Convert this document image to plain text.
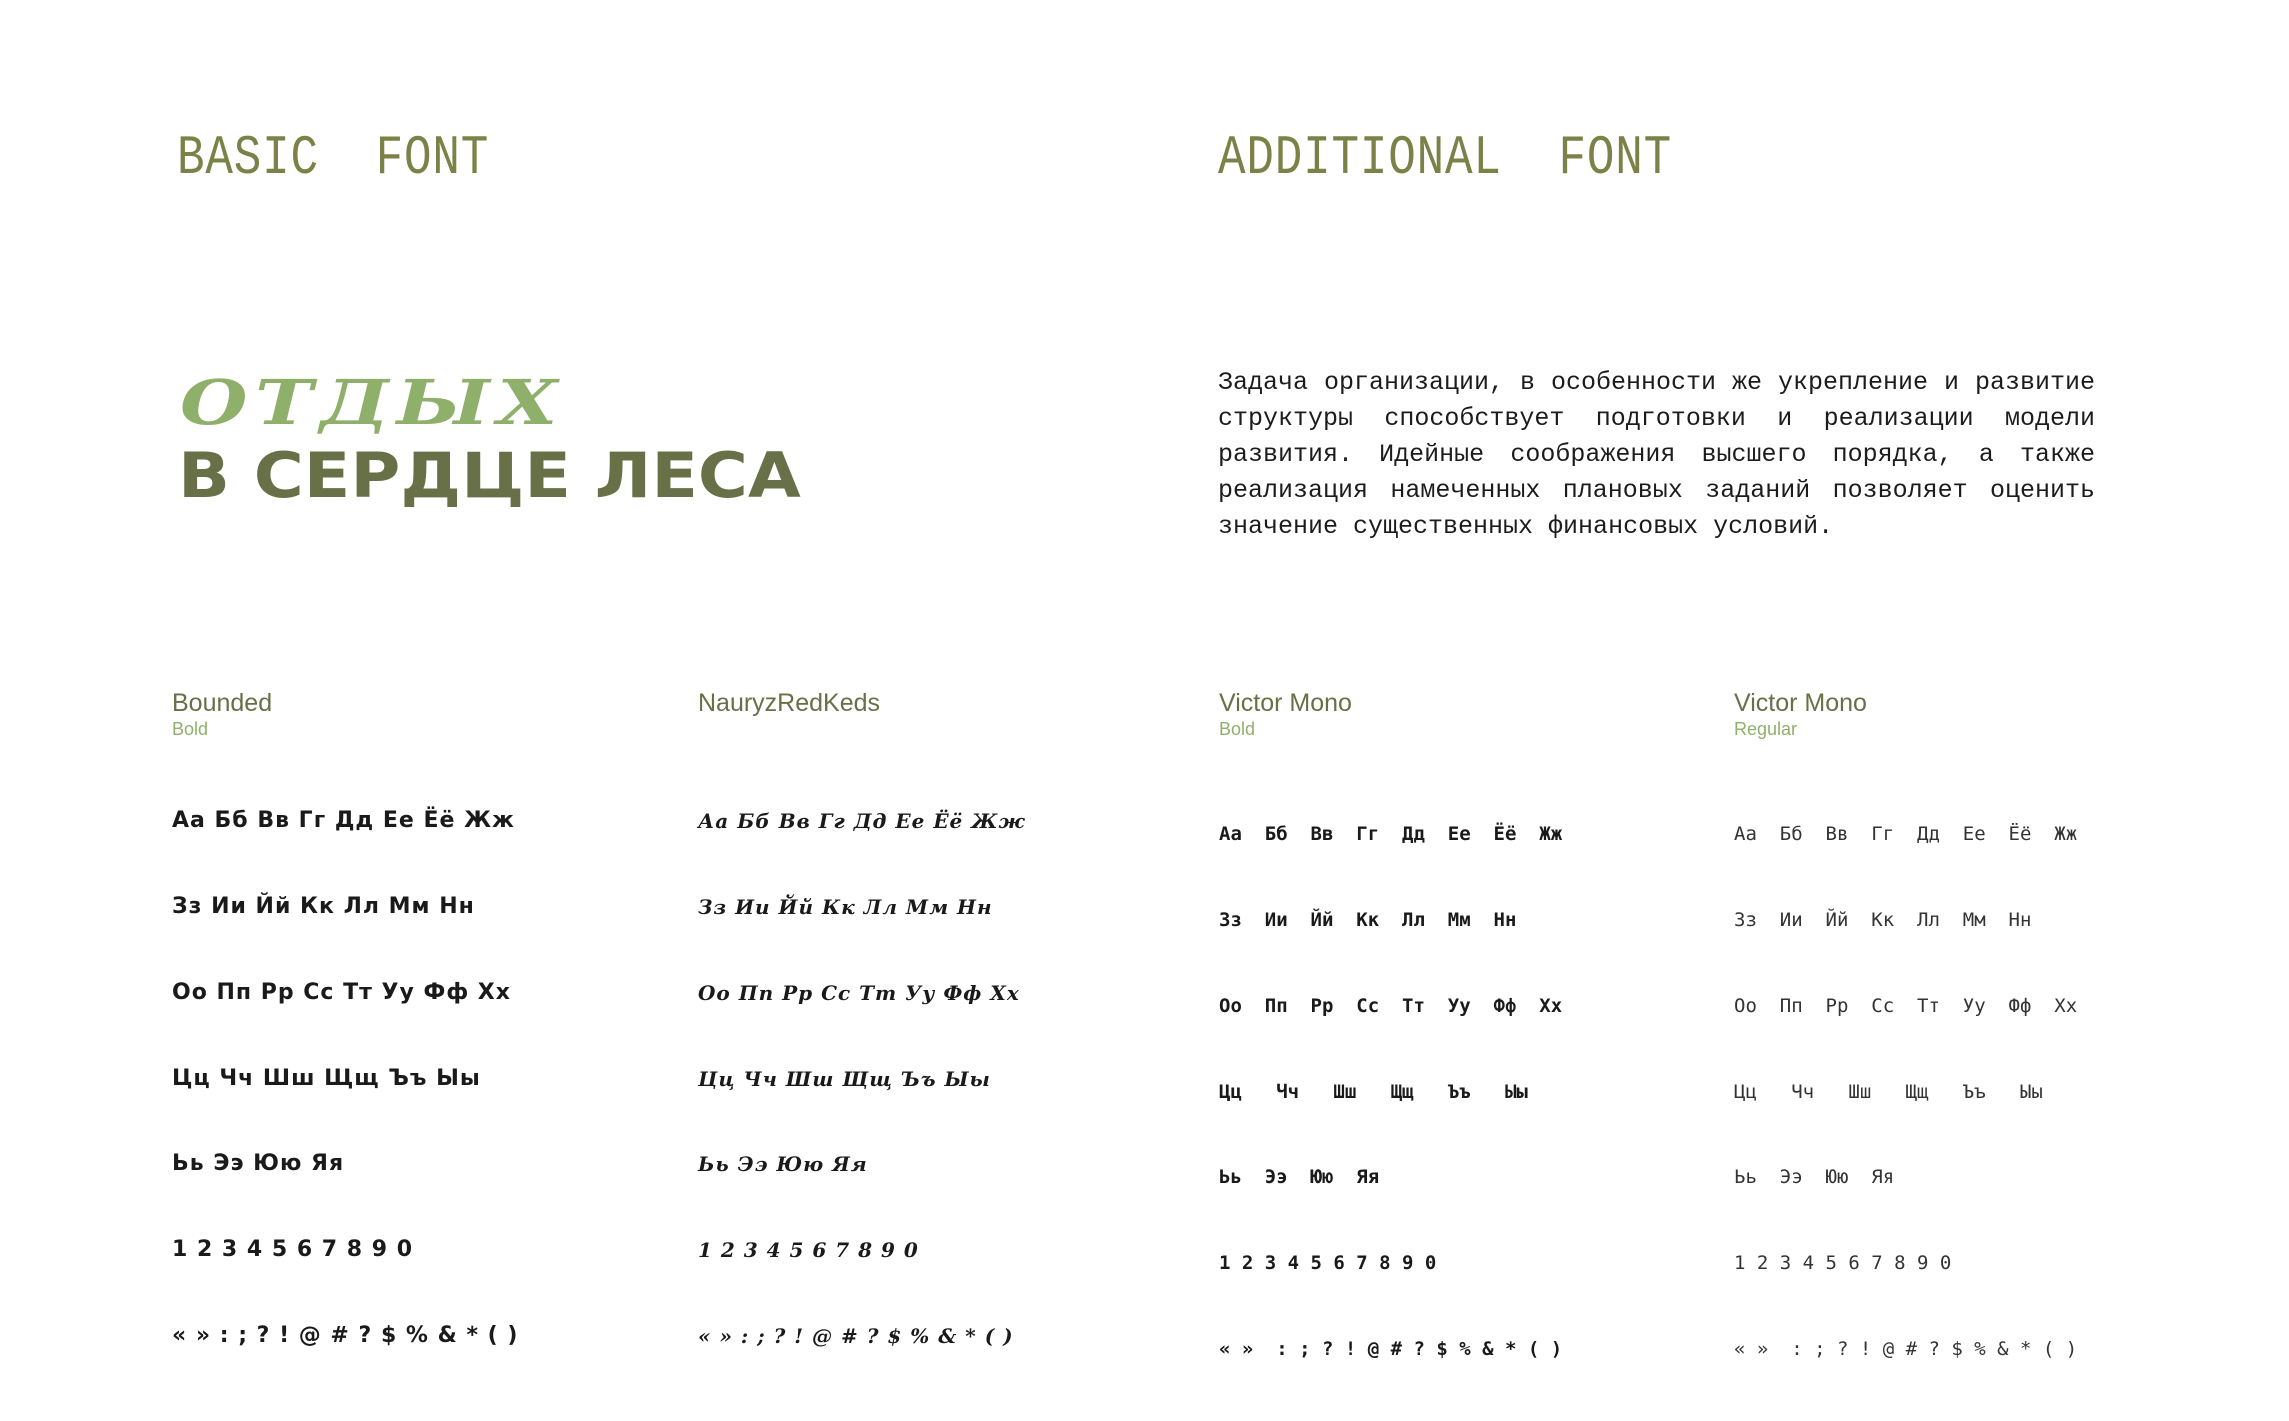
BASIC  FONT	ADDITIONAL  FONT
ОТДЫХ
В СЕРДЦЕ ЛЕСА
Задача организации, в особенности же укрепление и развитие структуры способствует подготовки и реализации модели развития. Идейные соображения высшего порядка, а также реализация намеченных плановых заданий позволяет оценить значение существенных финансовых условий.
Bounded
Bold

Аа Бб Вв Гг Дд Ее Ёё Жж

Зз Ии Йй Кк Лл Мм Нн

Оо Пп Рр Сс Тт Уу Фф Хх

Цц Чч Шш Щщ Ъъ Ыы

Ьь Ээ Юю Яя

1 2 3 4 5 6 7 8 9 0

« » : ; ? ! @ # ? $ % & * ( )

NauryzRedKeds

Аа Бб Вв Гг Дд Ее Ёё Жж

Зз Ии Йй Кк Лл Мм Нн

Оо Пп Рр Сс Тт Уу Фф Хх

Цц Чч Шш Щщ Ъъ Ыы

Ьь Ээ Юю Яя

1 2 3 4 5 6 7 8 9 0

« » : ; ? ! @ # ? $ % & * ( )

Victor Mono
Bold

Аа  Бб  Вв  Гг  Дд  Ее  Ёё  Жж

Зз  Ии  Йй  Кк  Лл  Мм  Нн

Оо  Пп  Рр  Сс  Тт  Уу  Фф  Хх

Цц   Чч   Шш   Щщ   Ъъ   Ыы

Ьь  Ээ  Юю  Яя

1 2 3 4 5 6 7 8 9 0

« »  : ; ? ! @ # ? $ % & * ( )

Victor Mono
Regular

Аа  Бб  Вв  Гг  Дд  Ее  Ёё  Жж

Зз  Ии  Йй  Кк  Лл  Мм  Нн

Оо  Пп  Рр  Сс  Тт  Уу  Фф  Хх

Цц   Чч   Шш   Щщ   Ъъ   Ыы

Ьь  Ээ  Юю  Яя

1 2 3 4 5 6 7 8 9 0

« »  : ; ? ! @ # ? $ % & * ( )
